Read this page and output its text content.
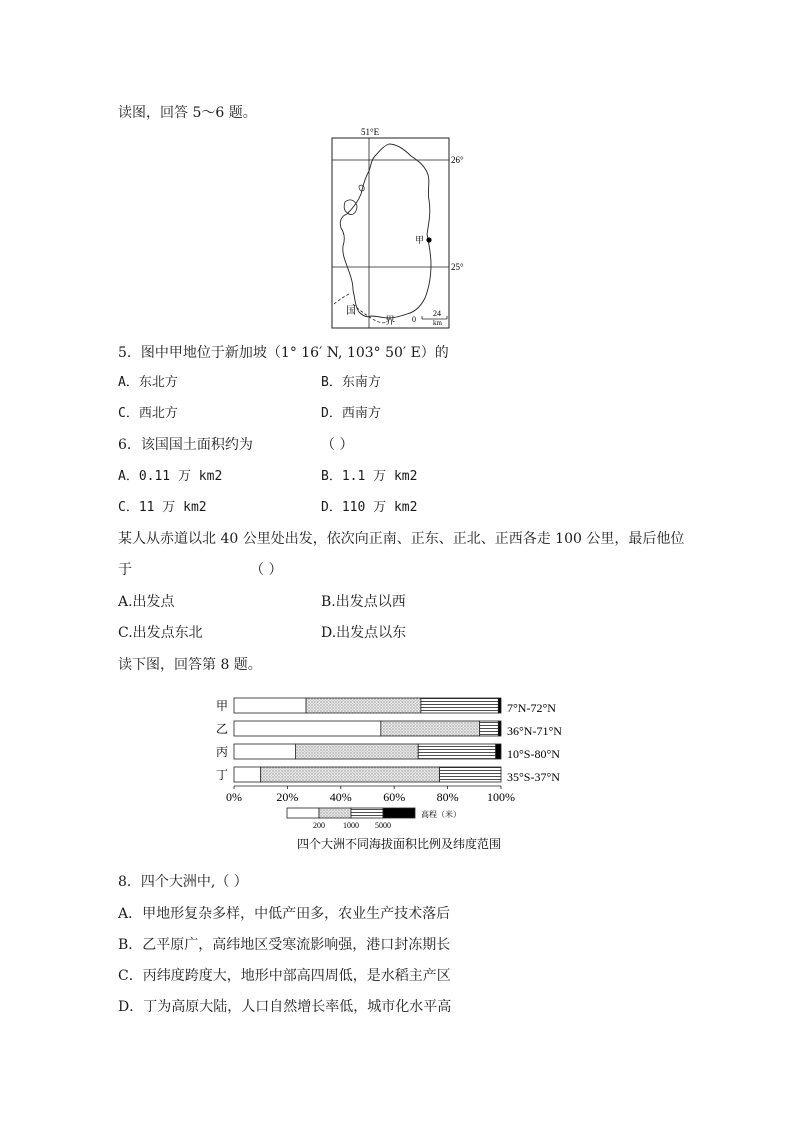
读图，回答 5～6 题。
51°E
26°
25°
甲
国
界 0
24
km
5．图中甲地位于新加坡（1° 16′ N, 103° 50′ E）的
A．东北方	B．东南方
C．西北方	D．西南方
6．该国国土面积约为	（ ）
A．0.11 万 km2	B．1.1 万 km2
C．11 万 km2	D．110 万 km2
某人从赤道以北 40 公里处出发，依次向正南、正东、正北、正西各走 100 公里，最后他位
于	（ ）
A.出发点	B.出发点以西
C.出发点东北	D.出发点以东
读下图，回答第 8 题。
甲	7°N-72°N
乙	36°N-71°N
丙	10°S-80°N
丁	35°S-37°N
0%	20%	40%	60%	80% 100%
200 1000 5000
高程（米）
四个大洲不同海拔面积比例及纬度范围
8．四个大洲中,（ ）
A．甲地形复杂多样，中低产田多，农业生产技术落后
B．乙平原广，高纬地区受寒流影响强，港口封冻期长
C．丙纬度跨度大，地形中部高四周低，是水稻主产区
D．丁为高原大陆，人口自然增长率低，城市化水平高
